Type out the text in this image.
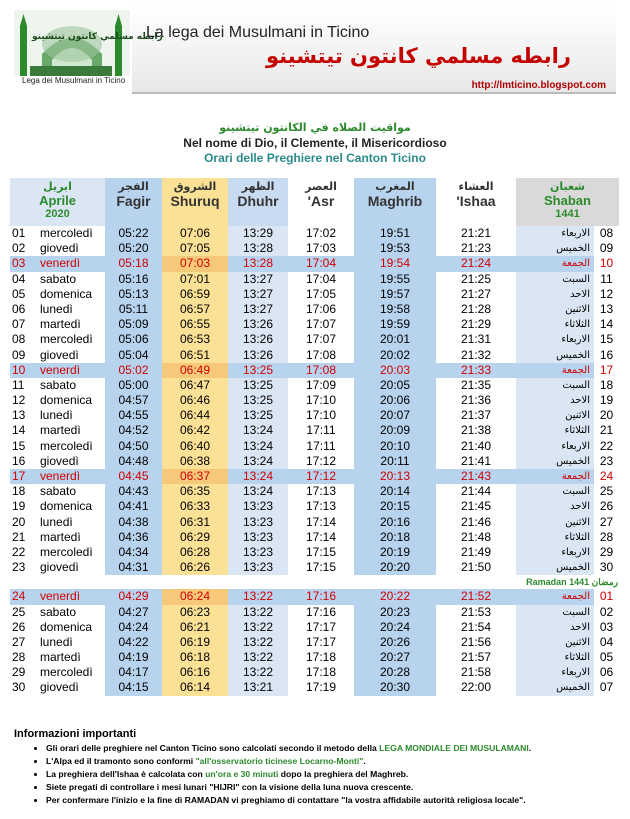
رابطه مسلمي كانتون تيتشينو
Lega dei Musulmani in Ticino
La lega dei Musulmani in Ticino
رابطه مسلمي كانتون تيتشينو
http://lmticino.blogspot.com
مواقيت الصلاه في الكانتون تيتشينو
Nel nome di Dio, il Clemente, il Misericordioso
Orari delle Preghiere nel Canton Ticino
ابريل
Aprile
2020
الفجر
Fagir
الشروق
Shuruq
الظهر
Dhuhr
العصر
'Asr
المغرب
Maghrib
العشاء
'Ishaa
شعبان
Shaban
1441
01	mercoledì	05:22	07:06	13:29	17:02	19:51	21:21	الاربعاء 08
02	giovedì	05:20	07:05	13:28	17:03	19:53	21:23	الخميس 09
03	venerdì	05:18	07:03	13:28	17:04	19:54	21:24	الجمعة 10
04	sabato	05:16	07:01	13:27	17:04	19:55	21:25	السبت 11
05	domenica	05:13	06:59	13:27	17:05	19:57	21:27	الاحد 12
06	lunedì	05:11	06:57	13:27	17:06	19:58	21:28	الاثنين 13
07	martedì	05:09	06:55	13:26	17:07	19:59	21:29	الثلاثاء 14
08	mercoledì	05:06	06:53	13:26	17:07	20:01	21:31	الاربعاء 15
09	giovedì	05:04	06:51	13:26	17:08	20:02	21:32	الخميس 16
10	venerdì	05:02	06:49	13:25	17:08	20:03	21:33	الجمعة 17
11	sabato	05:00	06:47	13:25	17:09	20:05	21:35	السبت 18
12	domenica	04:57	06:46	13:25	17:10	20:06	21:36	الاحد 19
13	lunedì	04:55	06:44	13:25	17:10	20:07	21:37	الاثنين 20
14	martedì	04:52	06:42	13:24	17:11	20:09	21:38	الثلاثاء 21
15	mercoledì	04:50	06:40	13:24	17:11	20:10	21:40	الاربعاء 22
16	giovedì	04:48	06:38	13:24	17:12	20:11	21:41	الخميس 23
17	venerdì	04:45	06:37	13:24	17:12	20:13	21:43	الجمعة 24
18	sabato	04:43	06:35	13:24	17:13	20:14	21:44	السبت 25
19	domenica	04:41	06:33	13:23	17:13	20:15	21:45	الاحد 26
20	lunedì	04:38	06:31	13:23	17:14	20:16	21:46	الاثنين 27
21	martedì	04:36	06:29	13:23	17:14	20:18	21:48	الثلاثاء 28
22	mercoledì	04:34	06:28	13:23	17:15	20:19	21:49	الاربعاء 29
23	giovedì	04:31	06:26	13:23	17:15	20:20	21:50	الخميس 30
24	venerdì	04:29	06:24	13:22	17:16	20:22	21:52	الجمعة 01
25	sabato	04:27	06:23	13:22	17:16	20:23	21:53	السبت 02
26	domenica	04:24	06:21	13:22	17:17	20:24	21:54	الاحد 03
27	lunedì	04:22	06:19	13:22	17:17	20:26	21:56	الاثنين 04
28	martedì	04:19	06:18	13:22	17:18	20:27	21:57	الثلاثاء 05
29	mercoledì	04:17	06:16	13:22	17:18	20:28	21:58	الاربعاء 06
30	giovedì	04:15	06:14	13:21	17:19	20:30	22:00	الخميس 07
Ramadan 1441 رمضان
Informazioni importanti
• Gli orari delle preghiere nel Canton Ticino sono calcolati secondo il metodo della LEGA MONDIALE DEI MUSULAMANI.
• L'Alpa ed il tramonto sono conformi "all'osservatorio ticinese Locarno-Monti".
• La preghiera dell'Ishaa è calcolata con un'ora e 30 minuti dopo la preghiera del Maghreb.
• Siete pregati di controllare i mesi lunari "HIJRI" con la visione della luna nuova crescente.
• Per confermare l'inizio e la fine di RAMADAN vi preghiamo di contattare "la vostra affidabile autorità religiosa locale".
